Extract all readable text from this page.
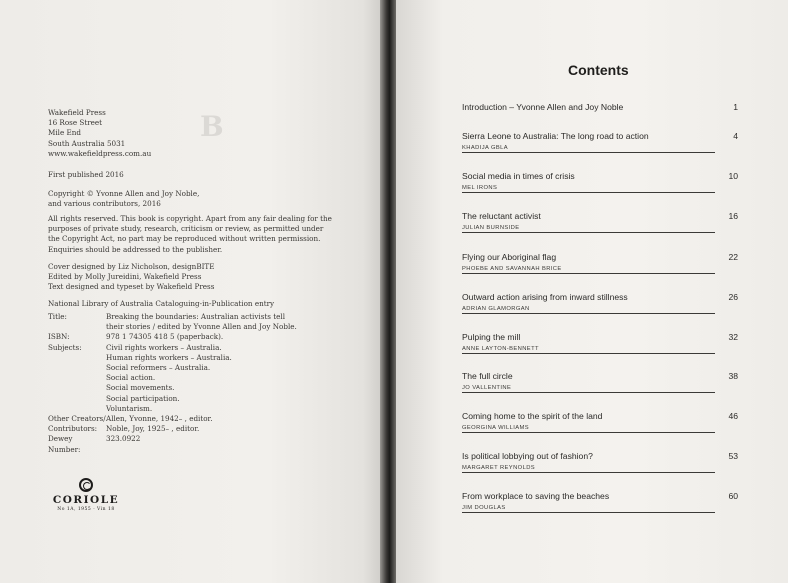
B

Wakefield Press

16 Rose Street

Mile End

South Australia 5031

www.wakefieldpress.com.au

First published 2016

Copyright © Yvonne Allen and Joy Noble,

and various contributors, 2016

All rights reserved. This book is copyright. Apart from any fair dealing for the

purposes of private study, research, criticism or review, as permitted under

the Copyright Act, no part may be reproduced without written permission.

Enquiries should be addressed to the publisher.

Cover designed by Liz Nicholson, designBITE

Edited by Molly Jureidini, Wakefield Press

Text designed and typeset by Wakefield Press

National Library of Australia Cataloguing-in-Publication entry

Title:	Breaking the boundaries: Australian activists tell

their stories / edited by Yvonne Allen and Joy Noble.

ISBN:	978 1 74305 418 5 (paperback).

Subjects:	Civil rights workers – Australia.

Human rights workers – Australia.

Social reformers – Australia.

Social action.

Social movements.

Social participation.

Voluntarism.

Other Creators/ Allen, Yvonne, 1942– , editor.

Contributors:	Noble, Joy, 1925– , editor.

Dewey Number:

323.0922

CORIOLE
No 1A, 1955 · Vin 18
Contents
Introduction – Yvonne Allen and Joy Noble	1
Sierra Leone to Australia: The long road to action	4
KHADIJA GBLA
Social media in times of crisis	10
MEL IRONS
The reluctant activist	16
JULIAN BURNSIDE
Flying our Aboriginal flag	22
PHOEBE AND SAVANNAH BRICE
Outward action arising from inward stillness	26
ADRIAN GLAMORGAN
Pulping the mill	32
ANNE LAYTON-BENNETT
The full circle	38
JO VALLENTINE
Coming home to the spirit of the land	46
GEORGINA WILLIAMS
Is political lobbying out of fashion?	53
MARGARET REYNOLDS
From workplace to saving the beaches	60
JIM DOUGLAS
